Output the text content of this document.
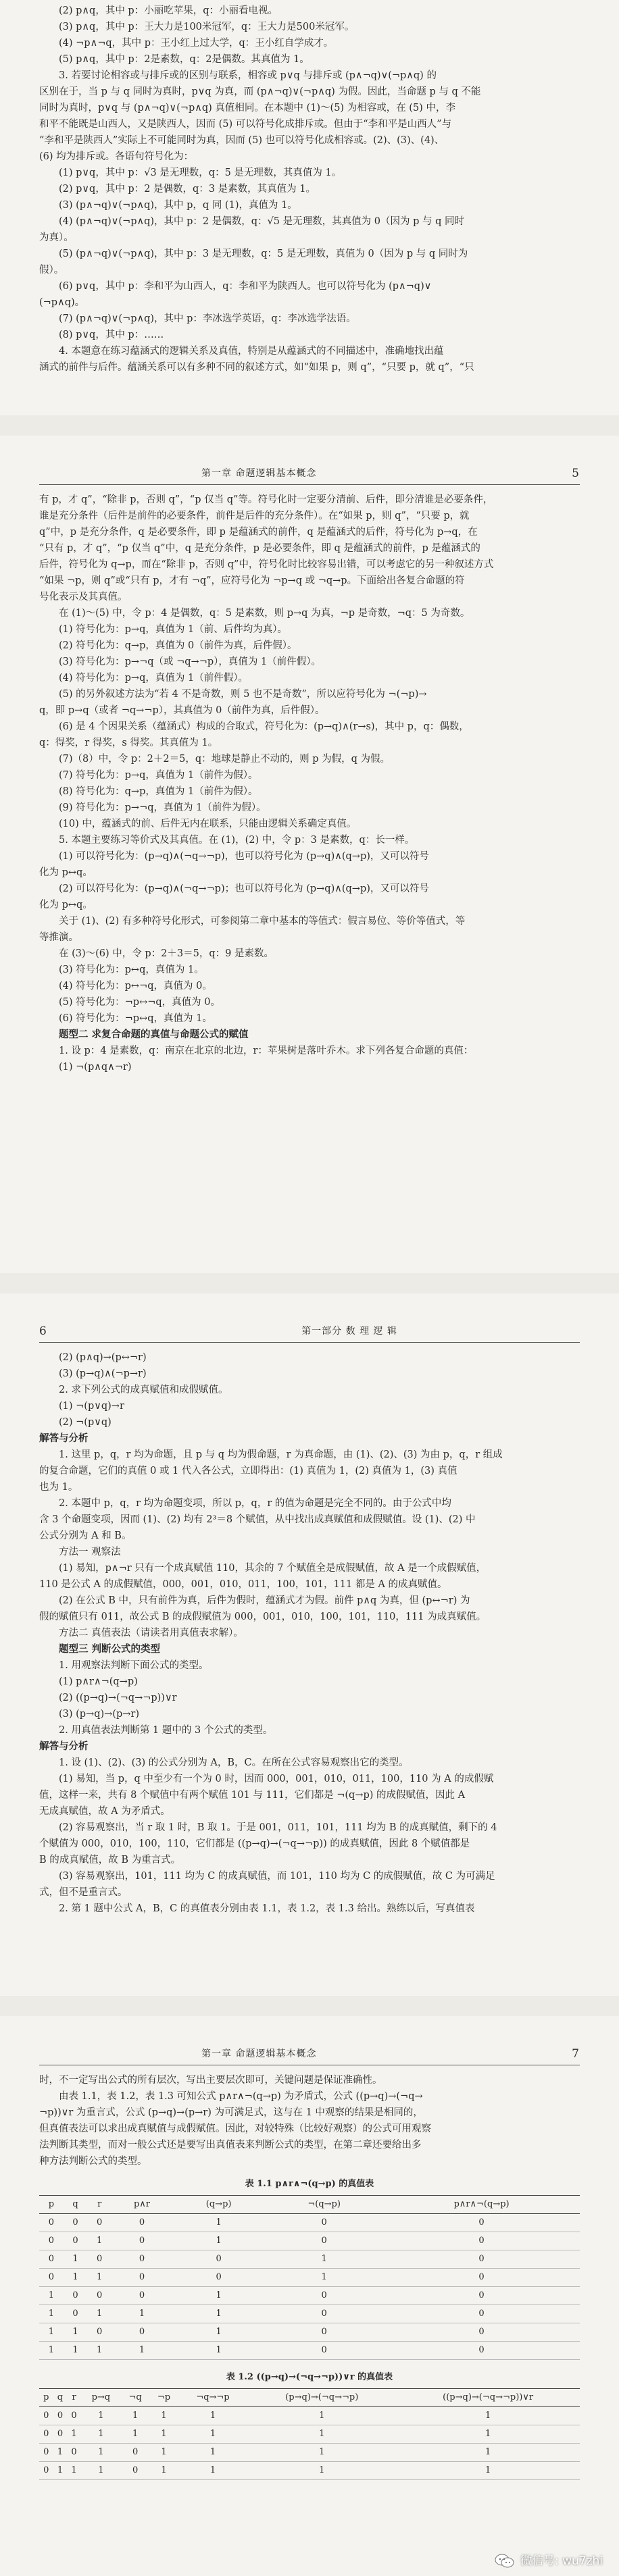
(2) p∧q，其中 p：小丽吃苹果，q：小丽看电视。

(3) p∧q，其中 p：王大力是100米冠军，q：王大力是500米冠军。

(4) ¬p∧¬q，其中 p：王小红上过大学，q：王小红自学成才。

(5) p∧q，其中 p：2是素数，q：2是偶数。其真值为 1。

3. 若要讨论相容或与排斥或的区别与联系，相容或 p∨q 与排斥或 (p∧¬q)∨(¬p∧q) 的

区别在于，当 p 与 q 同时为真时，p∨q 为真，而 (p∧¬q)∨(¬p∧q) 为假。因此，当命题 p 与 q 不能

同时为真时，p∨q 与 (p∧¬q)∨(¬p∧q) 真值相同。在本题中 (1)～(5) 为相容或，在 (5) 中，李

和平不能既是山西人，又是陕西人，因而 (5) 可以符号化成排斥或。但由于“李和平是山西人”与

“李和平是陕西人”实际上不可能同时为真，因而 (5) 也可以符号化成相容或。(2)、(3)、(4)、

(6) 均为排斥或。各语句符号化为：

(1) p∨q，其中 p：√3 是无理数，q：5 是无理数，其真值为 1。

(2) p∨q，其中 p：2 是偶数，q：3 是素数，其真值为 1。

(3) (p∧¬q)∨(¬p∧q)，其中 p，q 同 (1)，真值为 1。

(4) (p∧¬q)∨(¬p∧q)，其中 p：2 是偶数，q：√5 是无理数，其真值为 0（因为 p 与 q 同时

为真）。

(5) (p∧¬q)∨(¬p∧q)，其中 p：3 是无理数，q：5 是无理数，真值为 0（因为 p 与 q 同时为

假）。

(6) p∨q，其中 p：李和平为山西人，q：李和平为陕西人。也可以符号化为 (p∧¬q)∨

(¬p∧q)。

(7) (p∧¬q)∨(¬p∧q)，其中 p：李冰选学英语，q：李冰选学法语。

(8) p∨q，其中 p：……

4. 本题意在练习蕴涵式的逻辑关系及真值，特别是从蕴涵式的不同描述中，准确地找出蕴

涵式的前件与后件。蕴涵关系可以有多种不同的叙述方式，如“如果 p，则 q”，“只要 p，就 q”，“只

第一章 命题逻辑基本概念	5

有 p，才 q”，“除非 p，否则 q”，“p 仅当 q”等。符号化时一定要分清前、后件，即分清谁是必要条件，

谁是充分条件（后件是前件的必要条件，前件是后件的充分条件）。在“如果 p，则 q”，“只要 p，就

q”中，p 是充分条件，q 是必要条件，即 p 是蕴涵式的前件，q 是蕴涵式的后件，符号化为 p→q，在

“只有 p，才 q”，“p 仅当 q”中，q 是充分条件，p 是必要条件，即 q 是蕴涵式的前件，p 是蕴涵式的

后件，符号化为 q→p，而在“除非 p，否则 q”中，符号化时比较容易出错，可以考虑它的另一种叙述方式

“如果 ¬p，则 q”或“只有 p，才有 ¬q”，应符号化为 ¬p→q 或 ¬q→p。下面给出各复合命题的符

号化表示及其真值。

在 (1)～(5) 中，令 p：4 是偶数，q：5 是素数，则 p→q 为真，¬p 是奇数，¬q：5 为奇数。

(1) 符号化为：p→q，真值为 1（前、后件均为真）。

(2) 符号化为：q→p，真值为 0（前件为真，后件假）。

(3) 符号化为：p→¬q（或 ¬q→¬p），真值为 1（前件假）。

(4) 符号化为：p→q，真值为 1（前件假）。

(5) 的另外叙述方法为“若 4 不是奇数，则 5 也不是奇数”，所以应符号化为 ¬(¬p)→

q，即 p→q（或者 ¬q→¬p），其真值为 0（前件为真，后件假）。

(6) 是 4 个因果关系（蕴涵式）构成的合取式，符号化为：(p→q)∧(r→s)，其中 p，q：偶数，

q：得奖，r 得奖，s 得奖。其真值为 1。

(7)（8）中，令 p：2＋2＝5，q：地球是静止不动的，则 p 为假，q 为假。

(7) 符号化为：p→q，真值为 1（前件为假）。

(8) 符号化为：q→p，真值为 1（前件为假）。

(9) 符号化为：p→¬q，真值为 1（前件为假）。

(10) 中，蕴涵式的前、后件无内在联系，只能由逻辑关系确定真值。

5. 本题主要练习等价式及其真值。在 (1)，(2) 中，令 p：3 是素数，q：长一样。

(1) 可以符号化为：(p→q)∧(¬q→¬p)，也可以符号化为 (p→q)∧(q→p)，又可以符号

化为 p↔q。

(2) 可以符号化为：(p→q)∧(¬q→¬p)；也可以符号化为 (p→q)∧(q→p)，又可以符号

化为 p↔q。

关于 (1)、(2) 有多种符号化形式，可参阅第二章中基本的等值式：假言易位、等价等值式，等

等推演。

在 (3)～(6) 中，令 p：2＋3＝5，q：9 是素数。

(3) 符号化为：p↔q，真值为 1。

(4) 符号化为：p↔¬q，真值为 0。

(5) 符号化为：¬p↔¬q，真值为 0。

(6) 符号化为：¬p↔q，真值为 1。

题型二 求复合命题的真值与命题公式的赋值

1. 设 p：4 是素数，q：南京在北京的北边，r：苹果树是落叶乔木。求下列各复合命题的真值：

(1) ¬(p∧q∧¬r)

6	第一部分 数 理 逻 辑

(2) (p∧q)→(p↔¬r)

(3) (p→q)∧(¬p→r)

2. 求下列公式的成真赋值和成假赋值。

(1) ¬(p∨q)→r

(2) ¬(p∨q)

解答与分析

1. 这里 p，q，r 均为命题，且 p 与 q 均为假命题，r 为真命题，由 (1)、(2)、(3) 为由 p，q，r 组成

的复合命题，它们的真值 0 或 1 代入各公式，立即得出：(1) 真值为 1，(2) 真值为 1，(3) 真值

也为 1。

2. 本题中 p，q，r 均为命题变项，所以 p，q，r 的值为命题是完全不同的。由于公式中均

含 3 个命题变项，因而 (1)、(2) 均有 2³＝8 个赋值，从中找出成真赋值和成假赋值。设 (1)、(2) 中

公式分别为 A 和 B。

方法一 观察法

(1) 易知，p∧¬r 只有一个成真赋值 110，其余的 7 个赋值全是成假赋值，故 A 是一个成假赋值，

110 是公式 A 的成假赋值，000，001，010，011，100，101，111 都是 A 的成真赋值。

(2) 在公式 B 中，只有前件为真，后件为假时，蕴涵式才为假。前件 p∧q 为真，但 (p↔¬r) 为

假的赋值只有 011，故公式 B 的成假赋值为 000，001，010，100，101，110，111 为成真赋值。

方法二 真值表法（请读者用真值表求解）。

题型三 判断公式的类型

1. 用观察法判断下面公式的类型。

(1) p∧r∧¬(q→p)

(2) ((p→q)→(¬q→¬p))∨r

(3) (p→q)→(p→r)

2. 用真值表法判断第 1 题中的 3 个公式的类型。

解答与分析

1. 设 (1)、(2)、(3) 的公式分别为 A，B，C。在所在公式容易观察出它的类型。

(1) 易知，当 p，q 中至少有一个为 0 时，因而 000，001，010，011，100，110 为 A 的成假赋

值，这样一来，共有 8 个赋值中有两个赋值 101 与 111，它们都是 ¬(q→p) 的成假赋值，因此 A

无成真赋值，故 A 为矛盾式。

(2) 容易观察出，当 r 取 1 时，B 取 1。于是 001，011，101，111 均为 B 的成真赋值，剩下的 4

个赋值为 000，010，100，110，它们都是 ((p→q)→(¬q→¬p)) 的成真赋值，因此 8 个赋值都是

B 的成真赋值，故 B 为重言式。

(3) 容易观察出，101，111 均为 C 的成真赋值，而 101，110 均为 C 的成假赋值，故 C 为可满足

式，但不是重言式。

2. 第 1 题中公式 A，B，C 的真值表分别由表 1.1，表 1.2，表 1.3 给出。熟练以后，写真值表

第一章 命题逻辑基本概念	7

时，不一定写出公式的所有层次，写出主要层次即可，关键问题是保证准确性。

由表 1.1，表 1.2，表 1.3 可知公式 p∧r∧¬(q→p) 为矛盾式，公式 ((p→q)→(¬q→

¬p))∨r 为重言式，公式 (p→q)→(p→r) 为可满足式，这与在 1 中观察的结果是相同的，

但真值表法可以求出成真赋值与成假赋值。因此，对较特殊（比较好观察）的公式可用观察

法判断其类型，而对一般公式还是要写出真值表来判断公式的类型，在第二章还要给出多

种方法判断公式的类型。

表 1.1 p∧r∧¬(q→p) 的真值表
p	q	r	p∧r	(q→p)	¬(q→p)	p∧r∧¬(q→p)
0	0	0	0	1	0	0
0	0	1	0	1	0	0
0	1	0	0	0	1	0
0	1	1	0	0	1	0
1	0	0	0	1	0	0
1	0	1	1	1	0	0
1	1	0	0	1	0	0
1	1	1	1	1	0	0
表 1.2 ((p→q)→(¬q→¬p))∨r 的真值表
p	q	r	p→q	¬q	¬p	¬q→¬p	(p→q)→(¬q→¬p)	((p→q)→(¬q→¬p))∨r
0	0	0	1	1	1	1	1	1
0	0	1	1	1	1	1	1	1
0	1	0	1	0	1	1	1	1
0	1	1	1	0	1	1	1	1
微信号: wu7zhi
